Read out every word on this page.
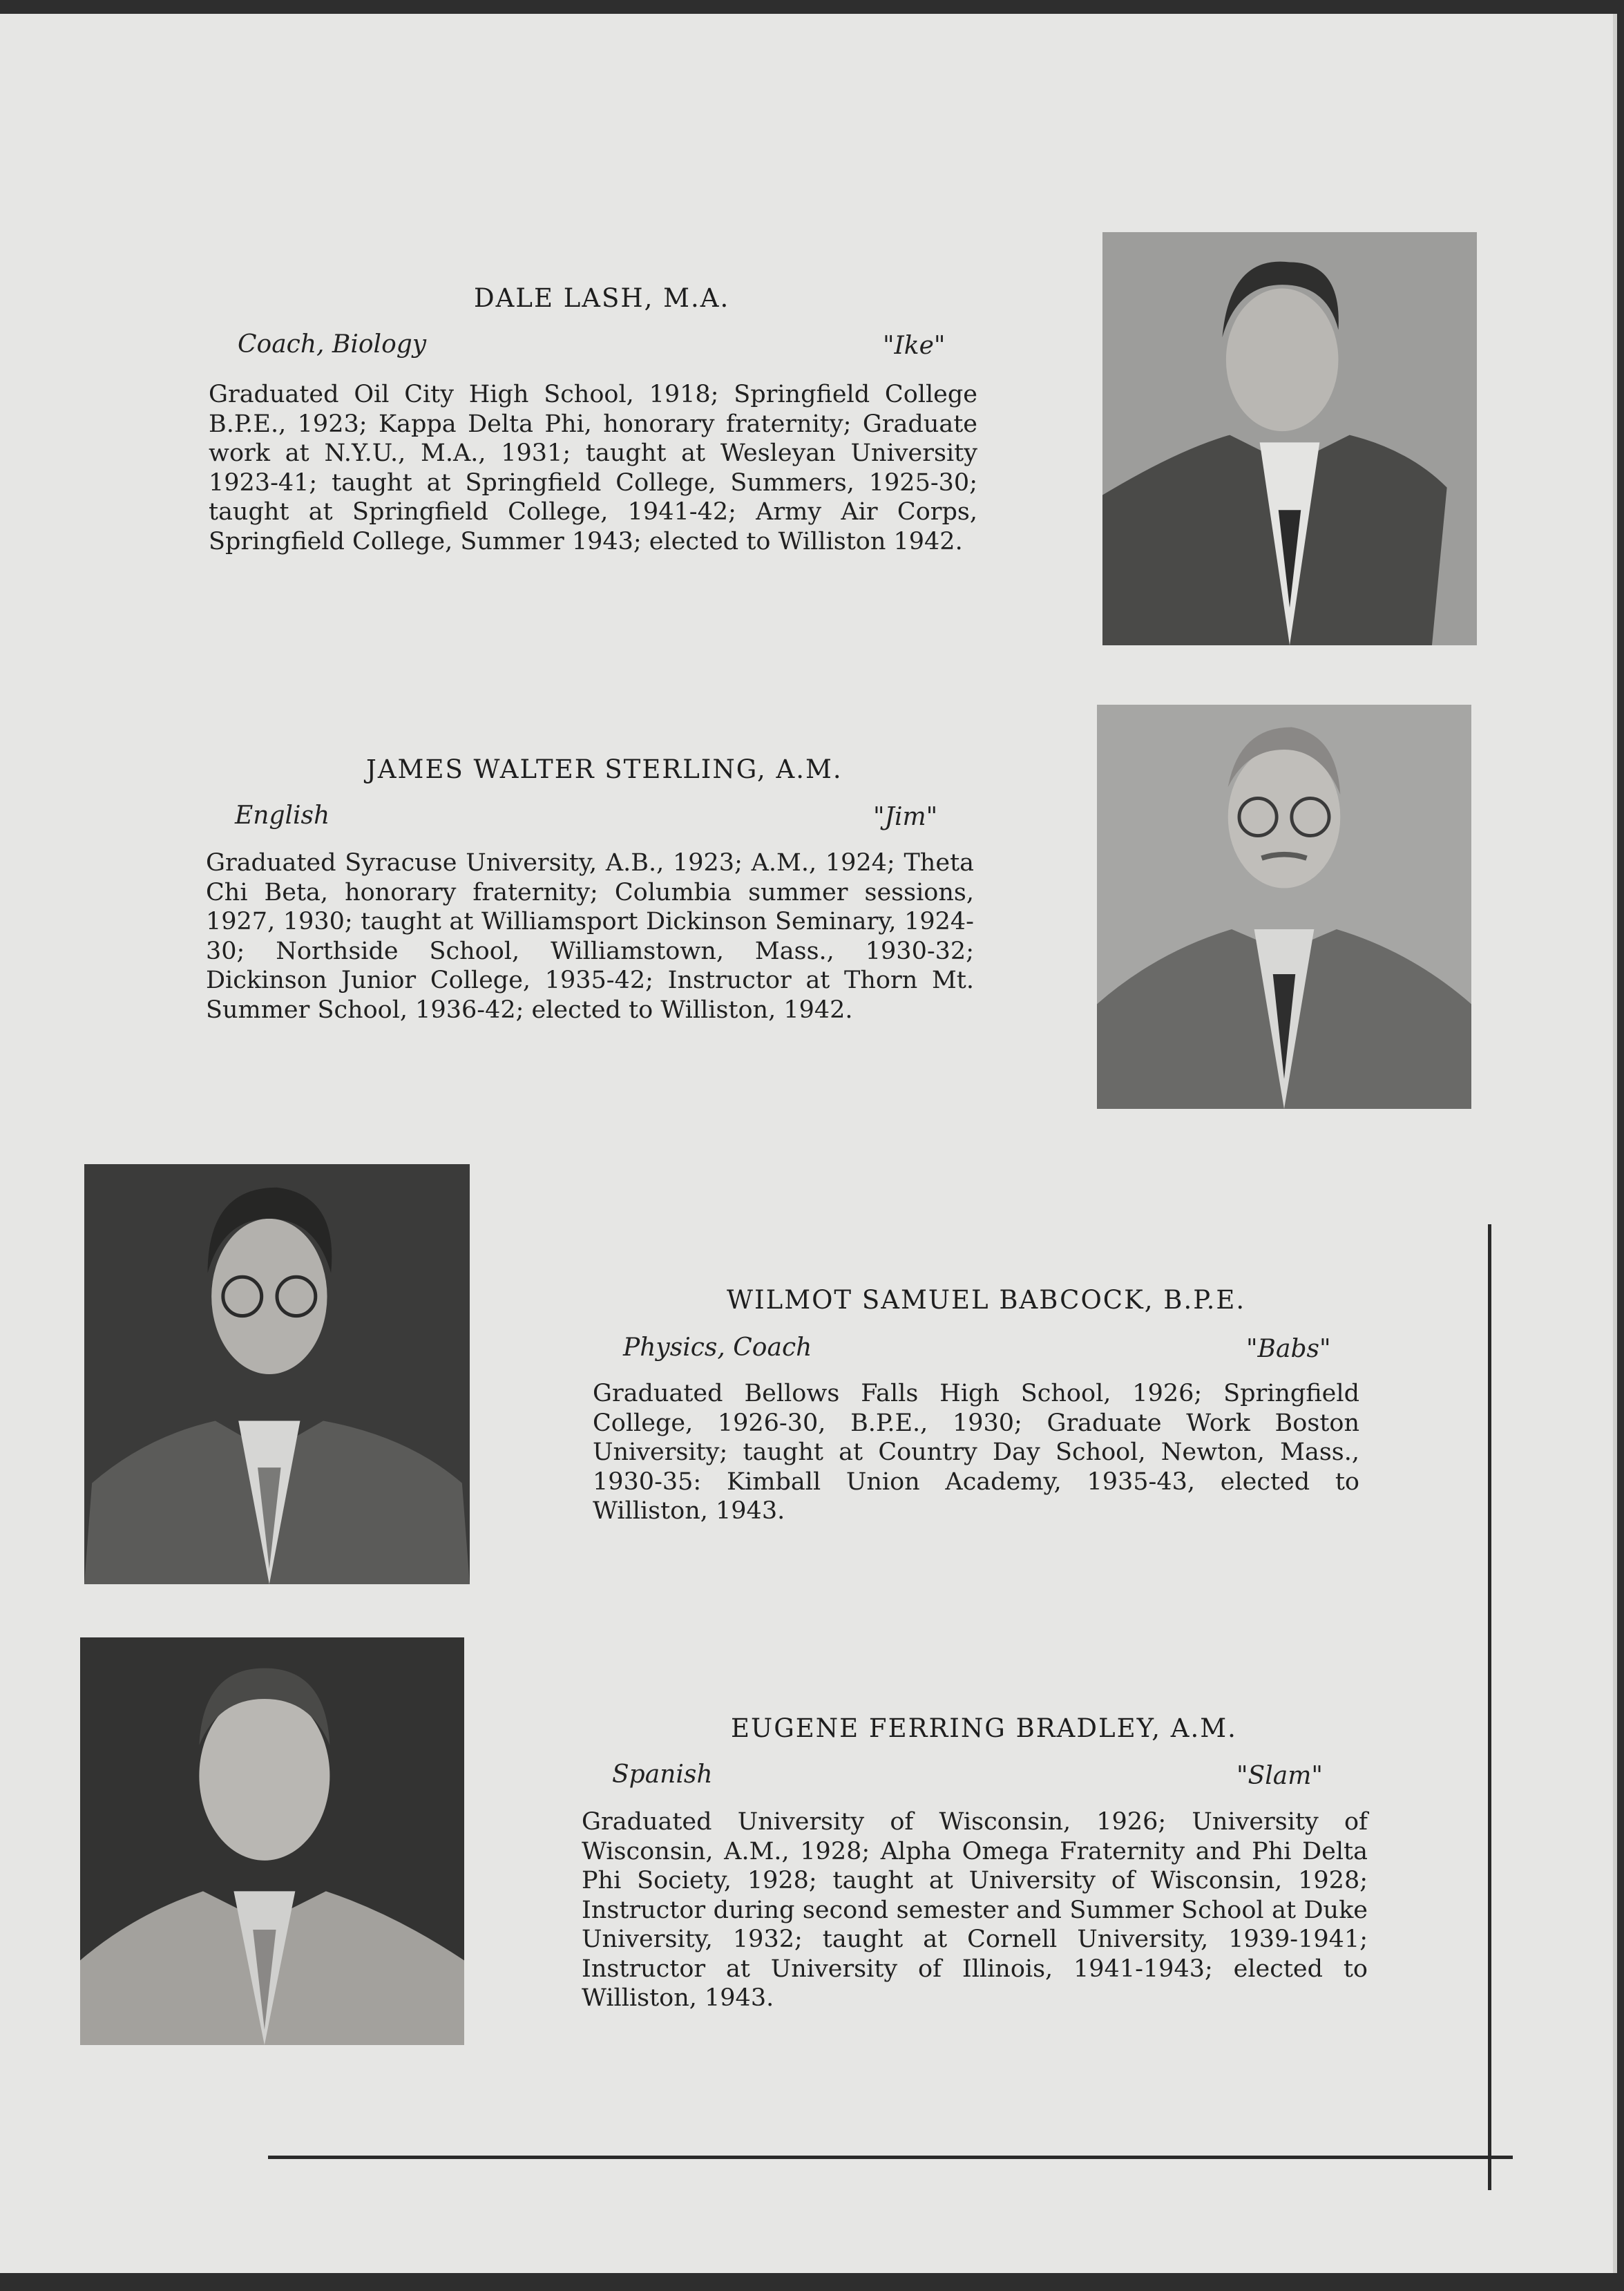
DALE LASH, M.A.
Coach, Biology	"Ike"

Graduated Oil City High School, 1918; Springfield College B.P.E., 1923; Kappa Delta Phi, honorary fraternity; Graduate work at N.Y.U., M.A., 1931; taught at Wesleyan University 1923-41; taught at Springfield College, Summers, 1925-30; taught at Springfield College, 1941-42; Army Air Corps, Springfield College, Summer 1943; elected to Williston 1942.

JAMES WALTER STERLING, A.M.
English	"Jim"

Graduated Syracuse University, A.B., 1923; A.M., 1924; Theta Chi Beta, honorary fraternity; Columbia summer sessions, 1927, 1930; taught at Williamsport Dickinson Seminary, 1924-30; Northside School, Williamstown, Mass., 1930-32; Dickinson Junior College, 1935-42; Instructor at Thorn Mt. Summer School, 1936-42; elected to Williston, 1942.

WILMOT SAMUEL BABCOCK, B.P.E.
Physics, Coach	"Babs"

Graduated Bellows Falls High School, 1926; Springfield College, 1926-30, B.P.E., 1930; Graduate Work Boston University; taught at Country Day School, Newton, Mass., 1930-35: Kimball Union Academy, 1935-43, elected to Williston, 1943.

EUGENE FERRING BRADLEY, A.M.
Spanish	"Slam"

Graduated University of Wisconsin, 1926; University of Wisconsin, A.M., 1928; Alpha Omega Fraternity and Phi Delta Phi Society, 1928; taught at University of Wisconsin, 1928; Instructor during second semester and Summer School at Duke University, 1932; taught at Cornell University, 1939-1941; Instructor at University of Illinois, 1941-1943; elected to Williston, 1943.
